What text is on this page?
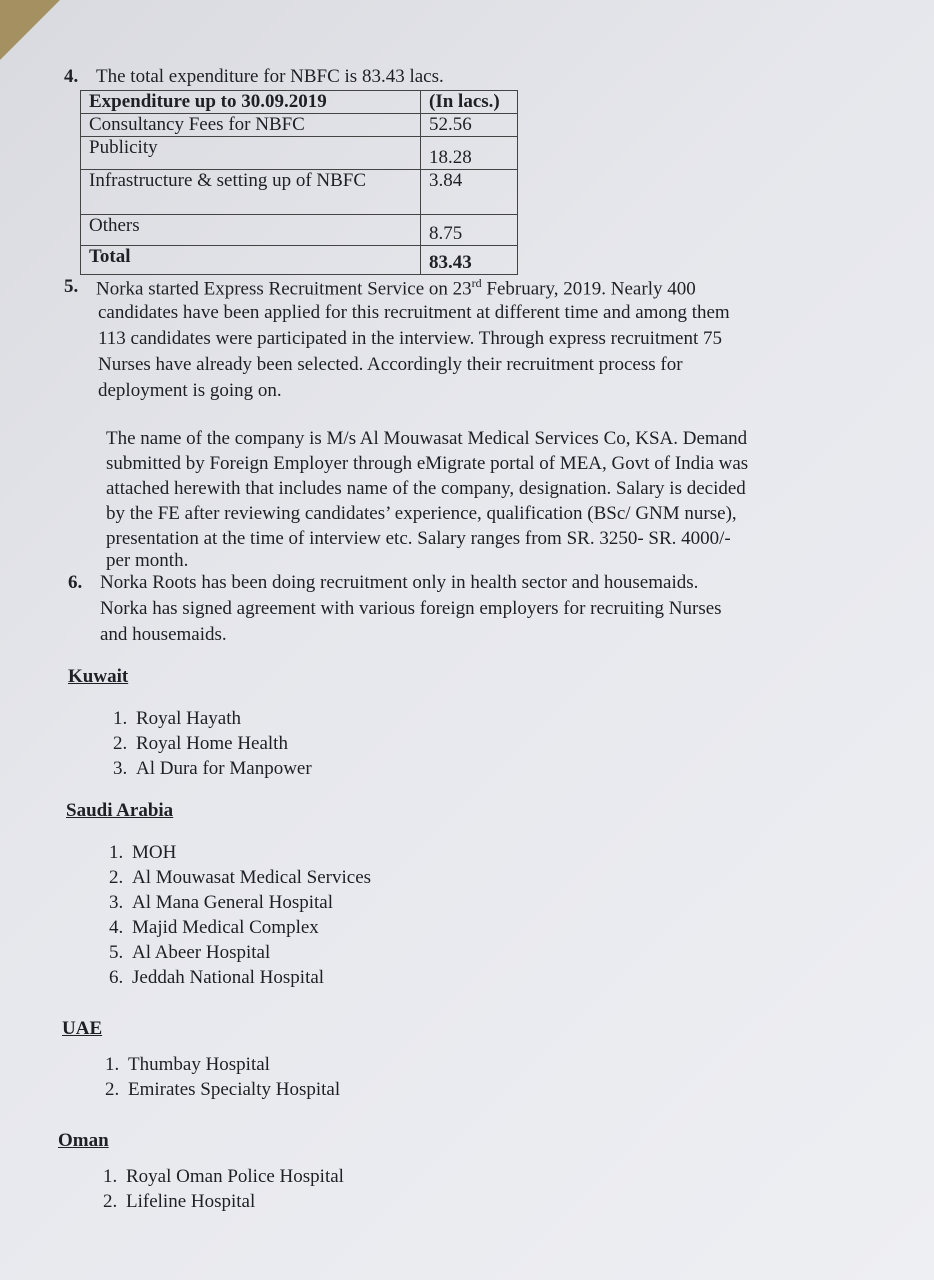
4. The total expenditure for NBFC is 83.43 lacs.
Expenditure up to 30.09.2019	(In lacs.)
Consultancy Fees for NBFC	52.56
Publicity	18.28
Infrastructure & setting up of NBFC	3.84
Others	8.75
Total	83.43
5. Norka started Express Recruitment Service on 23rd February, 2019. Nearly 400
candidates have been applied for this recruitment at different time and among them
113 candidates were participated in the interview. Through express recruitment 75
Nurses have already been selected. Accordingly their recruitment process for
deployment is going on.
The name of the company is M/s Al Mouwasat Medical Services Co, KSA. Demand
submitted by Foreign Employer through eMigrate portal of MEA, Govt of India was
attached herewith that includes name of the company, designation. Salary is decided
by the FE after reviewing candidates’ experience, qualification (BSc/ GNM nurse),
presentation at the time of interview etc. Salary ranges from SR. 3250- SR. 4000/-
per month.
6. Norka Roots has been doing recruitment only in health sector and housemaids.
Norka has signed agreement with various foreign employers for recruiting Nurses
and housemaids.
Kuwait
1. Royal Hayath
2. Royal Home Health
3. Al Dura for Manpower
Saudi Arabia
1. MOH
2. Al Mouwasat Medical Services
3. Al Mana General Hospital
4. Majid Medical Complex
5. Al Abeer Hospital
6. Jeddah National Hospital
UAE
1. Thumbay Hospital
2. Emirates Specialty Hospital
Oman
1. Royal Oman Police Hospital
2. Lifeline Hospital
